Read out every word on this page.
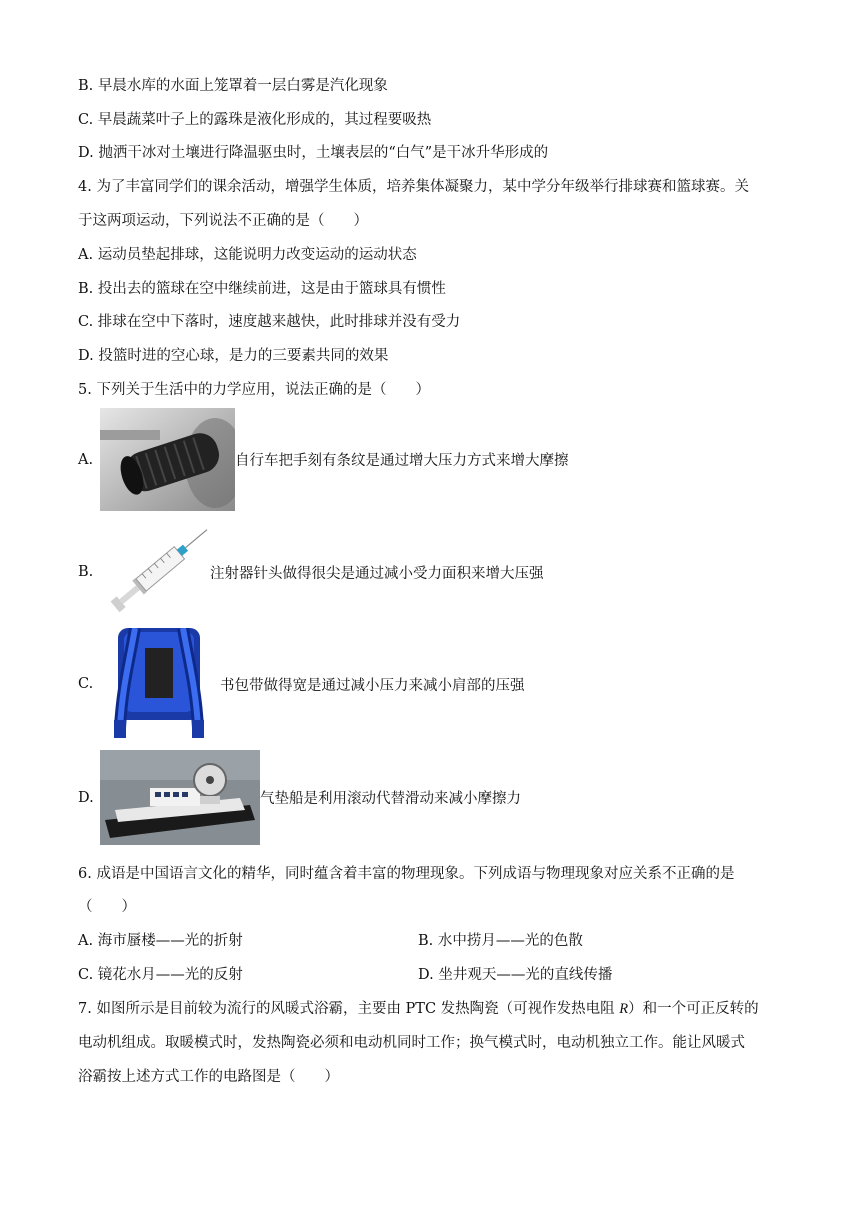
B. 早晨水库的水面上笼罩着一层白雾是汽化现象
C. 早晨蔬菜叶子上的露珠是液化形成的，其过程要吸热
D. 抛洒干冰对土壤进行降温驱虫时，土壤表层的“白气”是干冰升华形成的
4. 为了丰富同学们的课余活动，增强学生体质，培养集体凝聚力，某中学分年级举行排球赛和篮球赛。关
于这两项运动，下列说法不正确的是（　　）
A. 运动员垫起排球，这能说明力改变运动的运动状态
B. 投出去的篮球在空中继续前进，这是由于篮球具有惯性
C. 排球在空中下落时，速度越来越快，此时排球并没有受力
D. 投篮时进的空心球，是力的三要素共同的效果
5. 下列关于生活中的力学应用，说法正确的是（　　）
A.	自行车把手刻有条纹是通过增大压力方式来增大摩擦
B.	注射器针头做得很尖是通过减小受力面积来增大压强
C.	书包带做得宽是通过减小压力来减小肩部的压强
D.	气垫船是利用滚动代替滑动来减小摩擦力
6. 成语是中国语言文化的精华，同时蕴含着丰富的物理现象。下列成语与物理现象对应关系不正确的是
（　　）
A. 海市蜃楼——光的折射	B. 水中捞月——光的色散
C. 镜花水月——光的反射	D. 坐井观天——光的直线传播
7. 如图所示是目前较为流行的风暖式浴霸，主要由 PTC 发热陶瓷（可视作发热电阻 R）和一个可正反转的
电动机组成。取暖模式时，发热陶瓷必须和电动机同时工作；换气模式时，电动机独立工作。能让风暖式
浴霸按上述方式工作的电路图是（　　）
